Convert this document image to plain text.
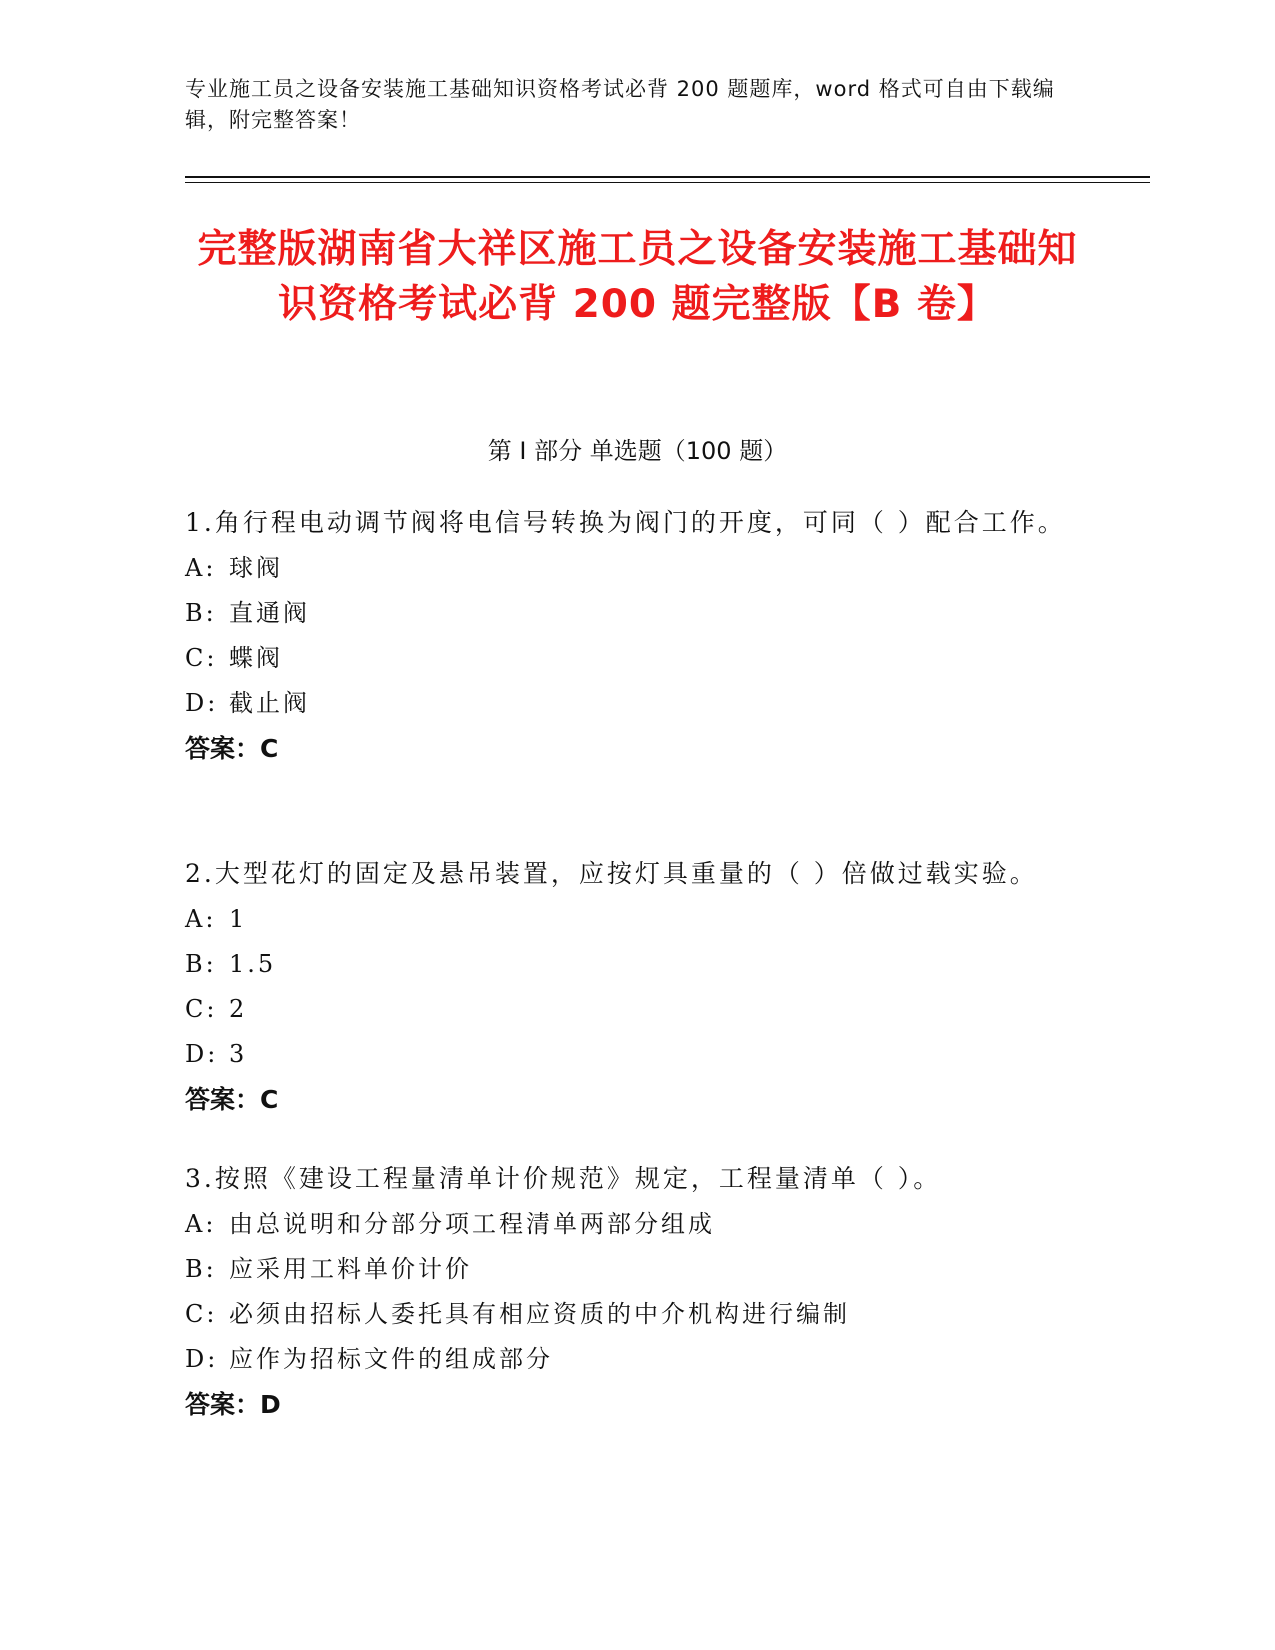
专业施工员之设备安装施工基础知识资格考试必背 200 题题库，word 格式可自由下载编辑，附完整答案！
完整版湖南省大祥区施工员之设备安装施工基础知识资格考试必背 200 题完整版【B 卷】
第 I 部分 单选题（100 题）

1.角行程电动调节阀将电信号转换为阀门的开度，可同（ ）配合工作。

A: 球阀
B: 直通阀
C: 蝶阀
D: 截止阀
答案：C

2.大型花灯的固定及悬吊装置，应按灯具重量的（ ）倍做过载实验。

A: 1
B: 1.5
C: 2
D: 3
答案：C

3.按照《建设工程量清单计价规范》规定，工程量清单（ ）。

A: 由总说明和分部分项工程清单两部分组成
B: 应采用工料单价计价
C: 必须由招标人委托具有相应资质的中介机构进行编制
D: 应作为招标文件的组成部分
答案：D
